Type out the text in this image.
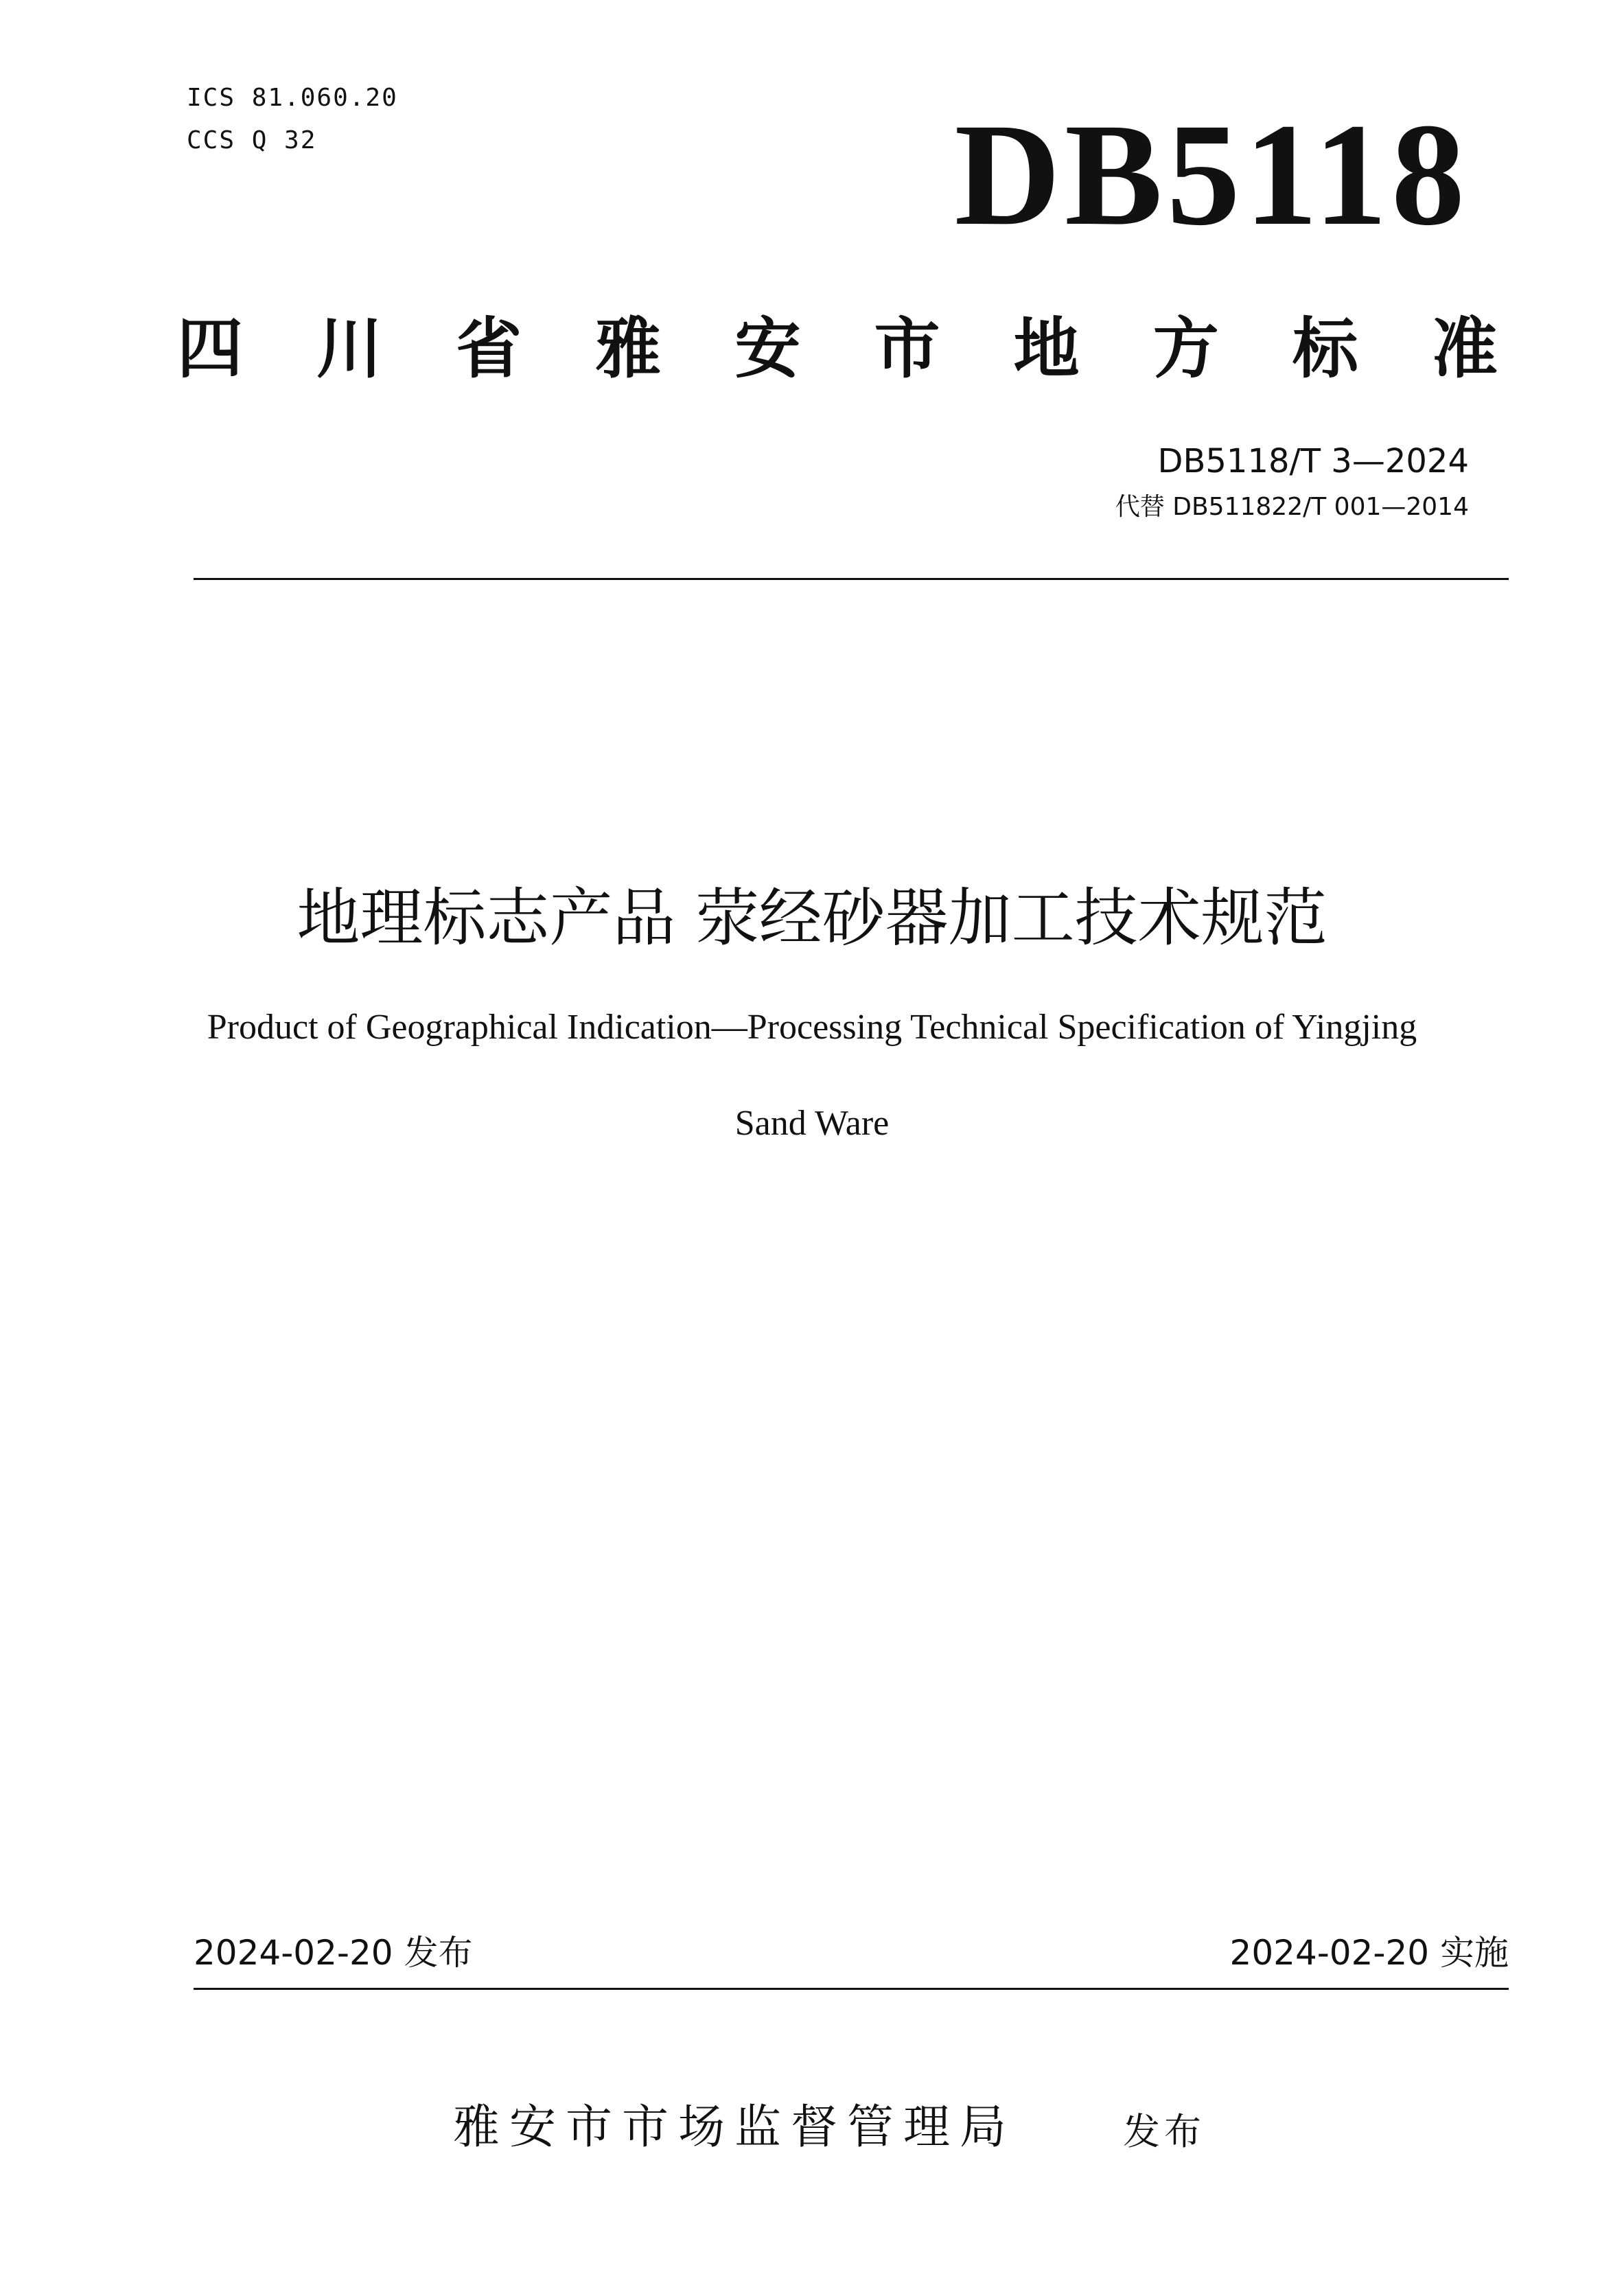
ICS 81.060.20
CCS Q 32	DB5118
四 川 省 雅 安 市 地 方 标 准
DB5118/T 3—2024
代替 DB511822/T 001—2014
地理标志产品 荥经砂器加工技术规范
Product of Geographical Indication—Processing Technical Specification of Yingjing
Sand Ware
2024-02-20 发布	2024-02-20 实施
雅安市市场监督管理局	发布
